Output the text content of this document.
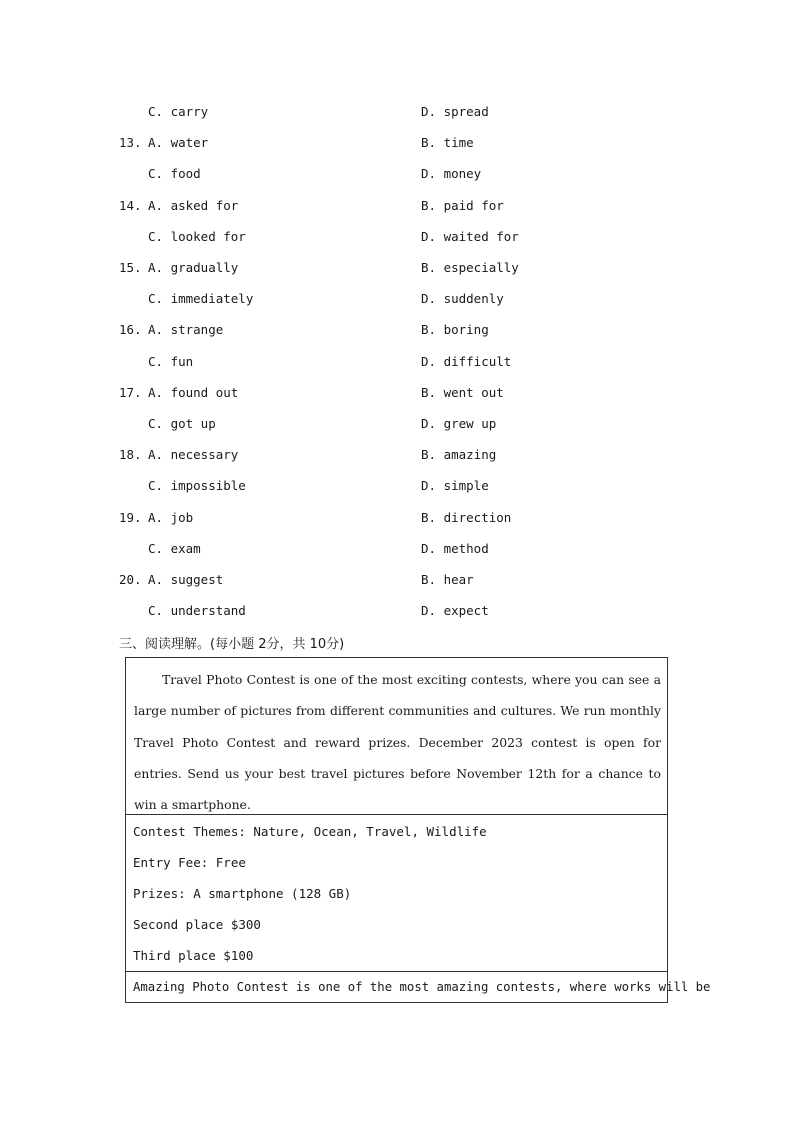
C. carry	D. spread
13. A. water	B. time
C. food	D. money
14. A. asked for	B. paid for
C. looked for	D. waited for
15. A. gradually	B. especially
C. immediately	D. suddenly
16. A. strange	B. boring
C. fun	D. difficult
17. A. found out	B. went out
C. got up	D. grew up
18. A. necessary	B. amazing
C. impossible	D. simple
19. A. job	B. direction
C. exam	D. method
20. A. suggest	B. hear
C. understand	D. expect
三、阅读理解。(每小题 2分，共 10分)
Travel Photo Contest is one of the most exciting contests, where you can see a large number of pictures from different communities and cultures. We run monthly Travel Photo Contest and reward prizes. December 2023 contest is open for entries. Send us your best travel pictures before November 12th for a chance to win a smartphone.
Contest Themes: Nature, Ocean, Travel, Wildlife
Entry Fee: Free
Prizes: A smartphone (128 GB)
Second place $300
Third place $100
Amazing Photo Contest is one of the most amazing contests, where works will be
